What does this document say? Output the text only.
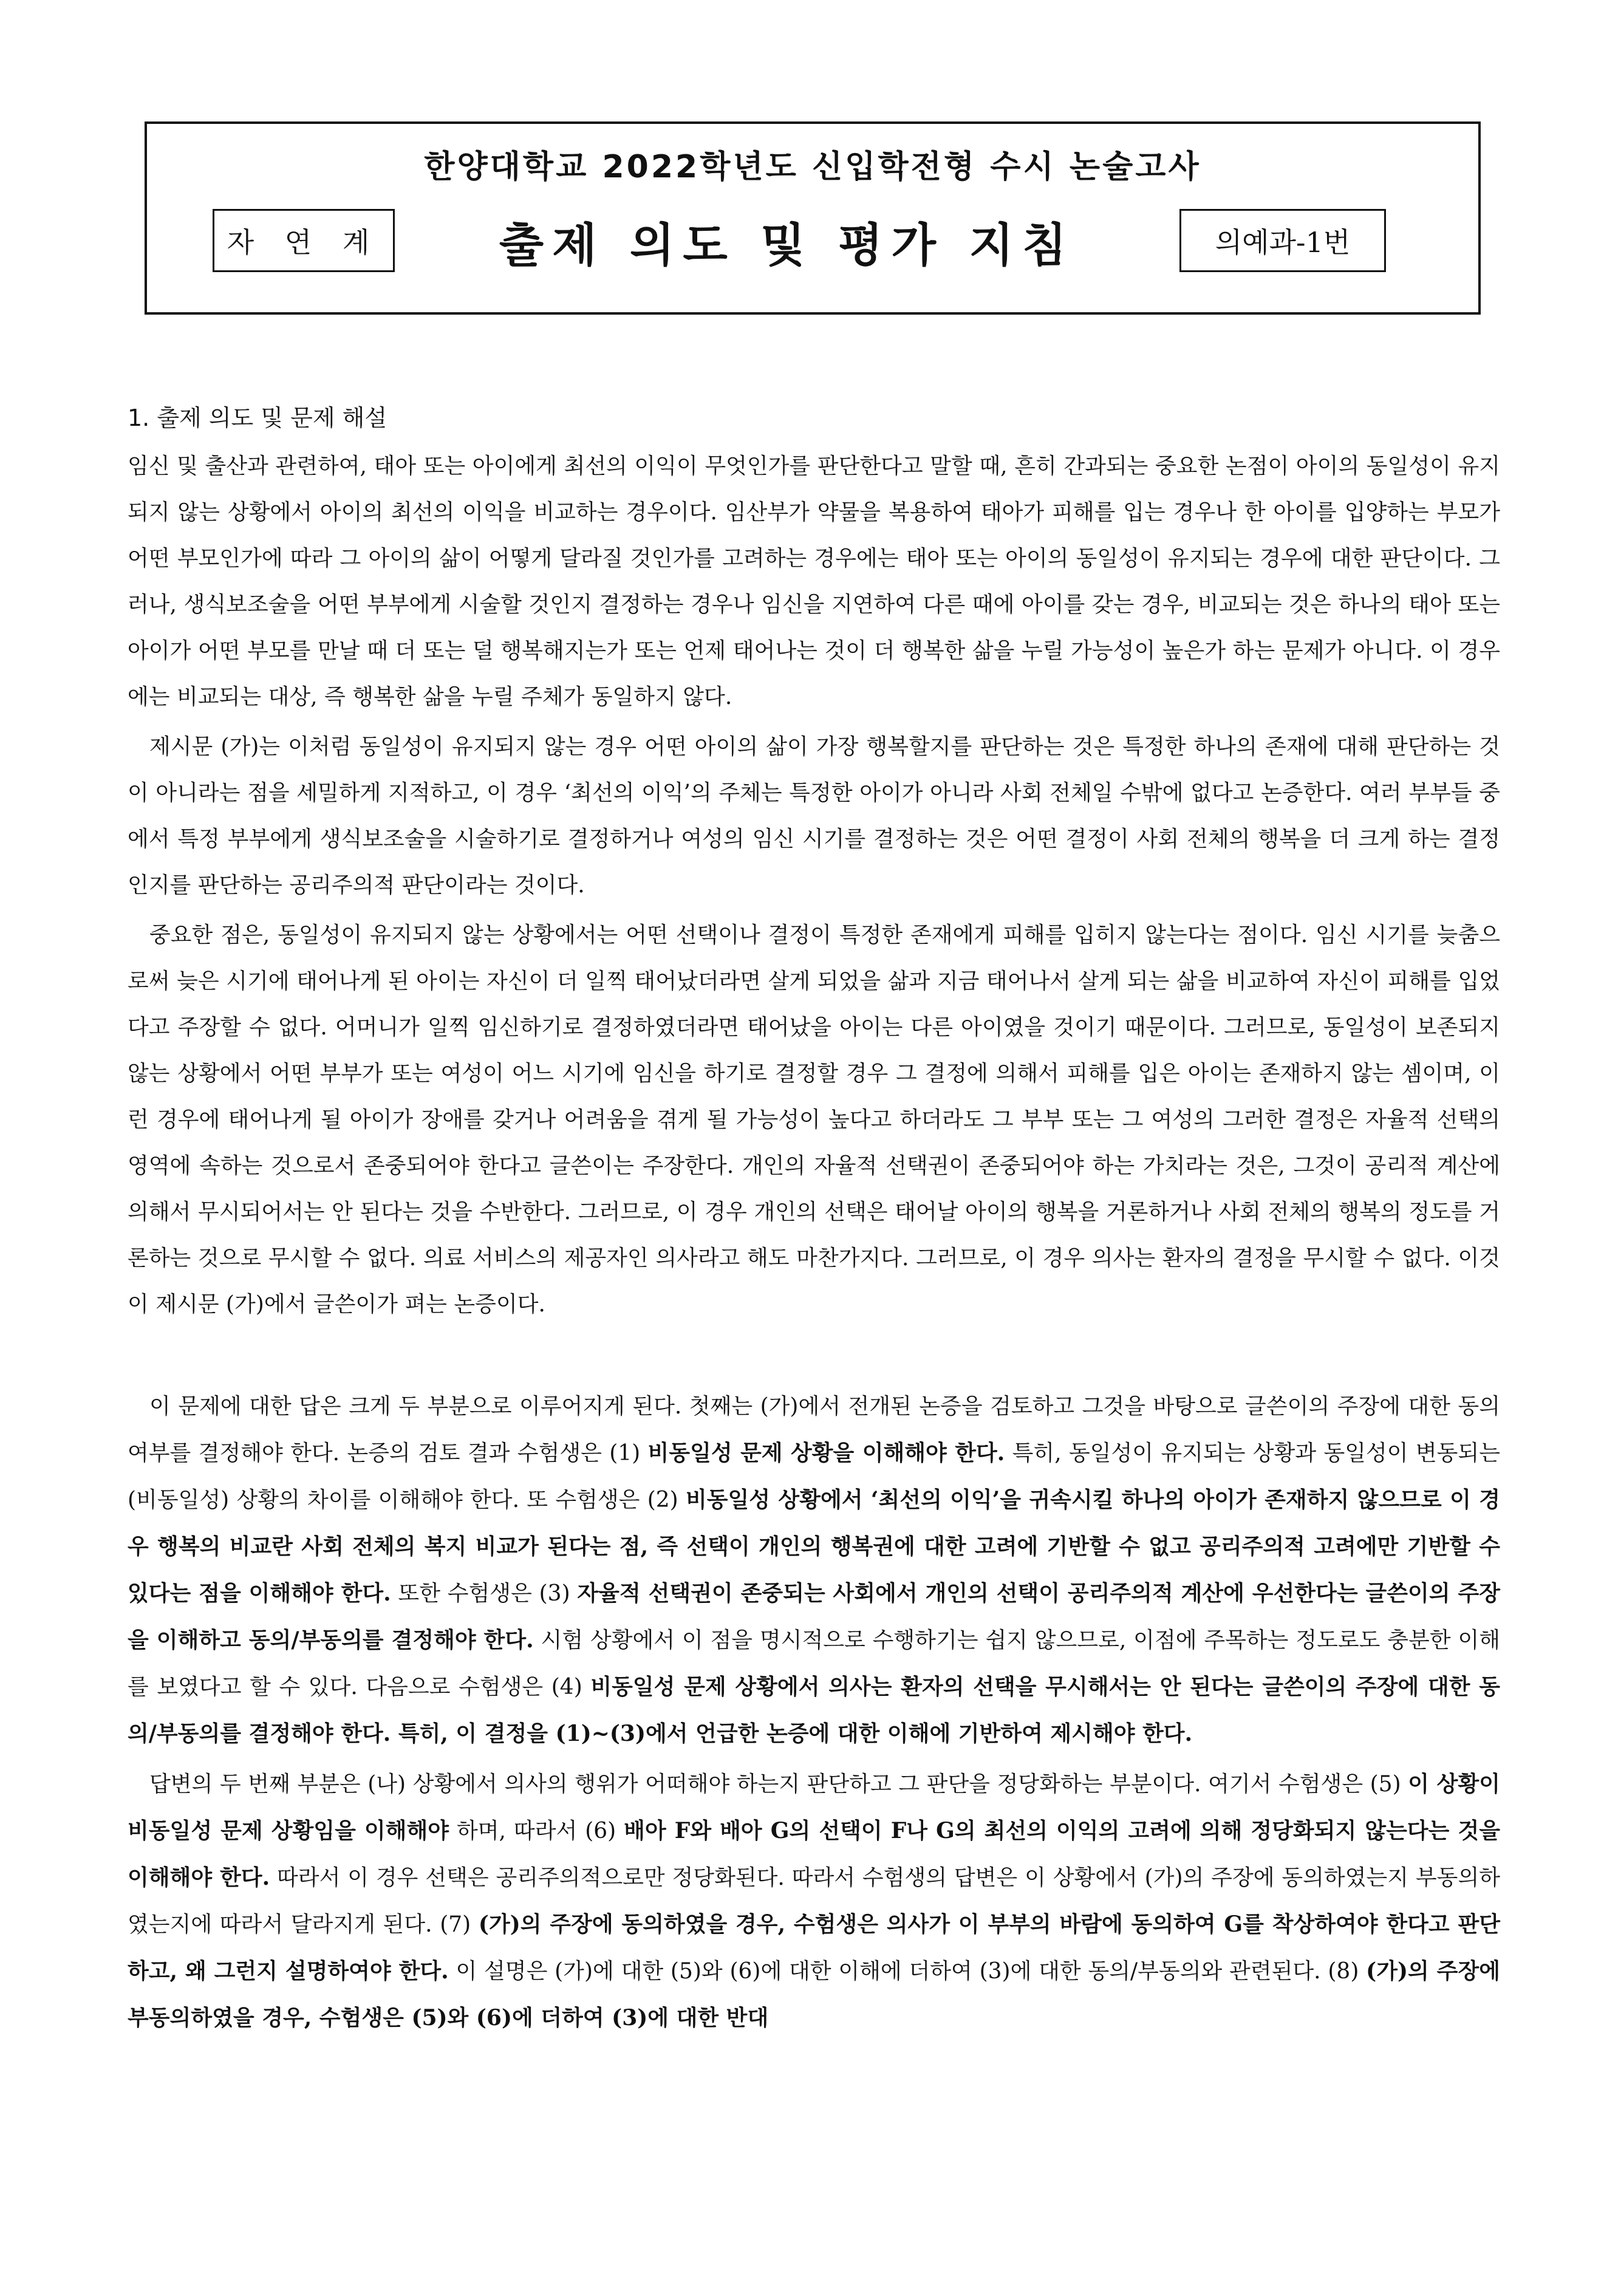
한양대학교 2022학년도 신입학전형 수시 논술고사
자 연 계	출제 의도 및 평가 지침	의예과-1번
1. 출제 의도 및 문제 해설

임신 및 출산과 관련하여, 태아 또는 아이에게 최선의 이익이 무엇인가를 판단한다고 말할 때, 흔히 간과되는 중요한 논점이 아이의 동일성이 유지되지 않는 상황에서 아이의 최선의 이익을 비교하는 경우이다. 임산부가 약물을 복용하여 태아가 피해를 입는 경우나 한 아이를 입양하는 부모가 어떤 부모인가에 따라 그 아이의 삶이 어떻게 달라질 것인가를 고려하는 경우에는 태아 또는 아이의 동일성이 유지되는 경우에 대한 판단이다. 그러나, 생식보조술을 어떤 부부에게 시술할 것인지 결정하는 경우나 임신을 지연하여 다른 때에 아이를 갖는 경우, 비교되는 것은 하나의 태아 또는 아이가 어떤 부모를 만날 때 더 또는 덜 행복해지는가 또는 언제 태어나는 것이 더 행복한 삶을 누릴 가능성이 높은가 하는 문제가 아니다. 이 경우에는 비교되는 대상, 즉 행복한 삶을 누릴 주체가 동일하지 않다.

제시문 (가)는 이처럼 동일성이 유지되지 않는 경우 어떤 아이의 삶이 가장 행복할지를 판단하는 것은 특정한 하나의 존재에 대해 판단하는 것이 아니라는 점을 세밀하게 지적하고, 이 경우 ‘최선의 이익’의 주체는 특정한 아이가 아니라 사회 전체일 수밖에 없다고 논증한다. 여러 부부들 중에서 특정 부부에게 생식보조술을 시술하기로 결정하거나 여성의 임신 시기를 결정하는 것은 어떤 결정이 사회 전체의 행복을 더 크게 하는 결정인지를 판단하는 공리주의적 판단이라는 것이다.

중요한 점은, 동일성이 유지되지 않는 상황에서는 어떤 선택이나 결정이 특정한 존재에게 피해를 입히지 않는다는 점이다. 임신 시기를 늦춤으로써 늦은 시기에 태어나게 된 아이는 자신이 더 일찍 태어났더라면 살게 되었을 삶과 지금 태어나서 살게 되는 삶을 비교하여 자신이 피해를 입었다고 주장할 수 없다. 어머니가 일찍 임신하기로 결정하였더라면 태어났을 아이는 다른 아이였을 것이기 때문이다. 그러므로, 동일성이 보존되지 않는 상황에서 어떤 부부가 또는 여성이 어느 시기에 임신을 하기로 결정할 경우 그 결정에 의해서 피해를 입은 아이는 존재하지 않는 셈이며, 이런 경우에 태어나게 될 아이가 장애를 갖거나 어려움을 겪게 될 가능성이 높다고 하더라도 그 부부 또는 그 여성의 그러한 결정은 자율적 선택의 영역에 속하는 것으로서 존중되어야 한다고 글쓴이는 주장한다. 개인의 자율적 선택권이 존중되어야 하는 가치라는 것은, 그것이 공리적 계산에 의해서 무시되어서는 안 된다는 것을 수반한다. 그러므로, 이 경우 개인의 선택은 태어날 아이의 행복을 거론하거나 사회 전체의 행복의 정도를 거론하는 것으로 무시할 수 없다. 의료 서비스의 제공자인 의사라고 해도 마찬가지다. 그러므로, 이 경우 의사는 환자의 결정을 무시할 수 없다. 이것이 제시문 (가)에서 글쓴이가 펴는 논증이다.

이 문제에 대한 답은 크게 두 부분으로 이루어지게 된다. 첫째는 (가)에서 전개된 논증을 검토하고 그것을 바탕으로 글쓴이의 주장에 대한 동의 여부를 결정해야 한다. 논증의 검토 결과 수험생은 (1) 비동일성 문제 상황을 이해해야 한다. 특히, 동일성이 유지되는 상황과 동일성이 변동되는 (비동일성) 상황의 차이를 이해해야 한다. 또 수험생은 (2) 비동일성 상황에서 ‘최선의 이익’을 귀속시킬 하나의 아이가 존재하지 않으므로 이 경우 행복의 비교란 사회 전체의 복지 비교가 된다는 점, 즉 선택이 개인의 행복권에 대한 고려에 기반할 수 없고 공리주의적 고려에만 기반할 수 있다는 점을 이해해야 한다. 또한 수험생은 (3) 자율적 선택권이 존중되는 사회에서 개인의 선택이 공리주의적 계산에 우선한다는 글쓴이의 주장을 이해하고 동의/부동의를 결정해야 한다. 시험 상황에서 이 점을 명시적으로 수행하기는 쉽지 않으므로, 이점에 주목하는 정도로도 충분한 이해를 보였다고 할 수 있다. 다음으로 수험생은 (4) 비동일성 문제 상황에서 의사는 환자의 선택을 무시해서는 안 된다는 글쓴이의 주장에 대한 동의/부동의를 결정해야 한다. 특히, 이 결정을 (1)~(3)에서 언급한 논증에 대한 이해에 기반하여 제시해야 한다.

답변의 두 번째 부분은 (나) 상황에서 의사의 행위가 어떠해야 하는지 판단하고 그 판단을 정당화하는 부분이다. 여기서 수험생은 (5) 이 상황이 비동일성 문제 상황임을 이해해야 하며, 따라서 (6) 배아 F와 배아 G의 선택이 F나 G의 최선의 이익의 고려에 의해 정당화되지 않는다는 것을 이해해야 한다. 따라서 이 경우 선택은 공리주의적으로만 정당화된다. 따라서 수험생의 답변은 이 상황에서 (가)의 주장에 동의하였는지 부동의하였는지에 따라서 달라지게 된다. (7) (가)의 주장에 동의하였을 경우, 수험생은 의사가 이 부부의 바람에 동의하여 G를 착상하여야 한다고 판단하고, 왜 그런지 설명하여야 한다. 이 설명은 (가)에 대한 (5)와 (6)에 대한 이해에 더하여 (3)에 대한 동의/부동의와 관련된다. (8) (가)의 주장에 부동의하였을 경우, 수험생은 (5)와 (6)에 더하여 (3)에 대한 반대
